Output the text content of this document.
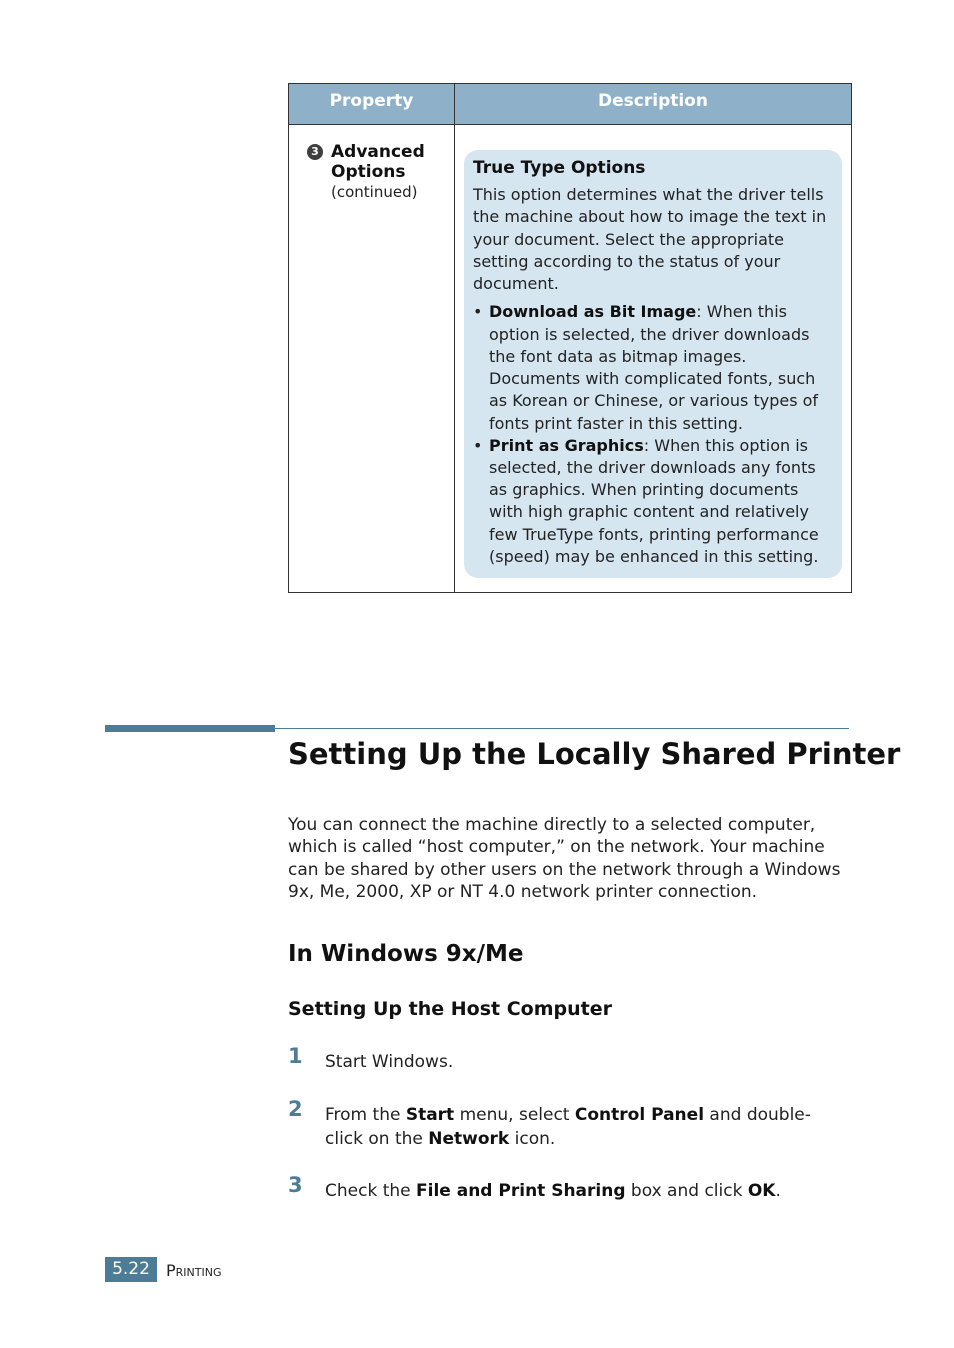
Property	Description
3 Advanced Options
(continued)
True Type Options
This option determines what the driver tells the machine about how to image the text in your document. Select the appropriate setting according to the status of your document.
• Download as Bit Image: When this option is selected, the driver downloads the font data as bitmap images. Documents with complicated fonts, such as Korean or Chinese, or various types of fonts print faster in this setting.
• Print as Graphics: When this option is selected, the driver downloads any fonts as graphics. When printing documents with high graphic content and relatively few TrueType fonts, printing performance (speed) may be enhanced in this setting.
Setting Up the Locally Shared Printer
You can connect the machine directly to a selected computer, which is called “host computer,” on the network. Your machine can be shared by other users on the network through a Windows 9x, Me, 2000, XP or NT 4.0 network printer connection.
In Windows 9x/Me
Setting Up the Host Computer
1 Start Windows.
2 From the Start menu, select Control Panel and double-click on the Network icon.
3 Check the File and Print Sharing box and click OK.
5.22	Printing
